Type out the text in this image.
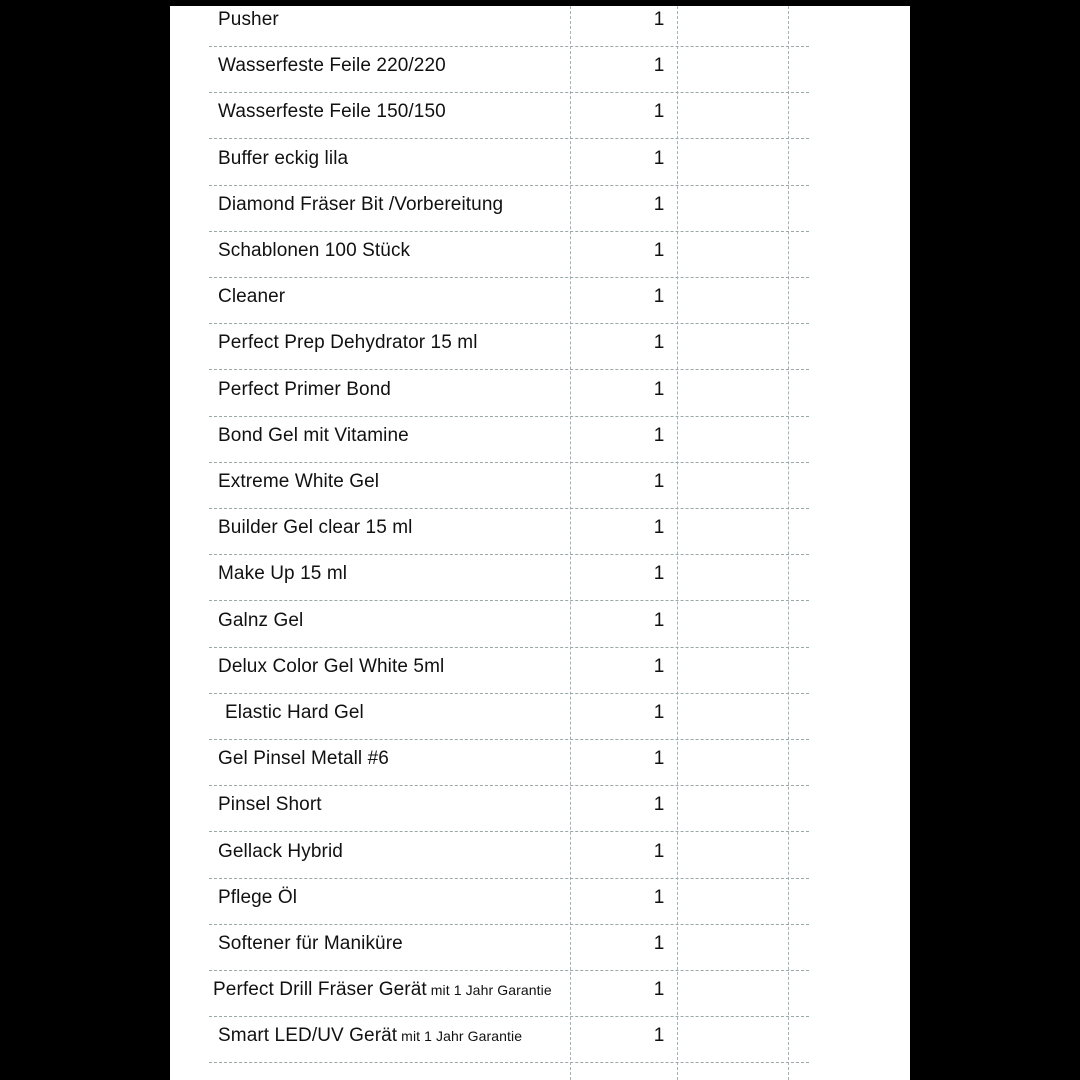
Pusher	1
Wasserfeste Feile 220/220	1
Wasserfeste Feile 150/150	1
Buffer eckig lila	1
Diamond Fräser Bit /Vorbereitung	1
Schablonen 100 Stück	1
Cleaner	1
Perfect Prep Dehydrator 15 ml	1
Perfect Primer Bond	1
Bond Gel mit Vitamine	1
Extreme White Gel	1
Builder Gel clear 15 ml	1
Make Up 15 ml	1
Galnz Gel	1
Delux Color Gel White 5ml	1
Elastic Hard Gel	1
Gel Pinsel Metall #6	1
Pinsel Short	1
Gellack Hybrid	1
Pflege Öl	1
Softener für Maniküre	1
Perfect Drill Fräser Gerät mit 1 Jahr Garantie	1
Smart LED/UV Gerät mit 1 Jahr Garantie	1
